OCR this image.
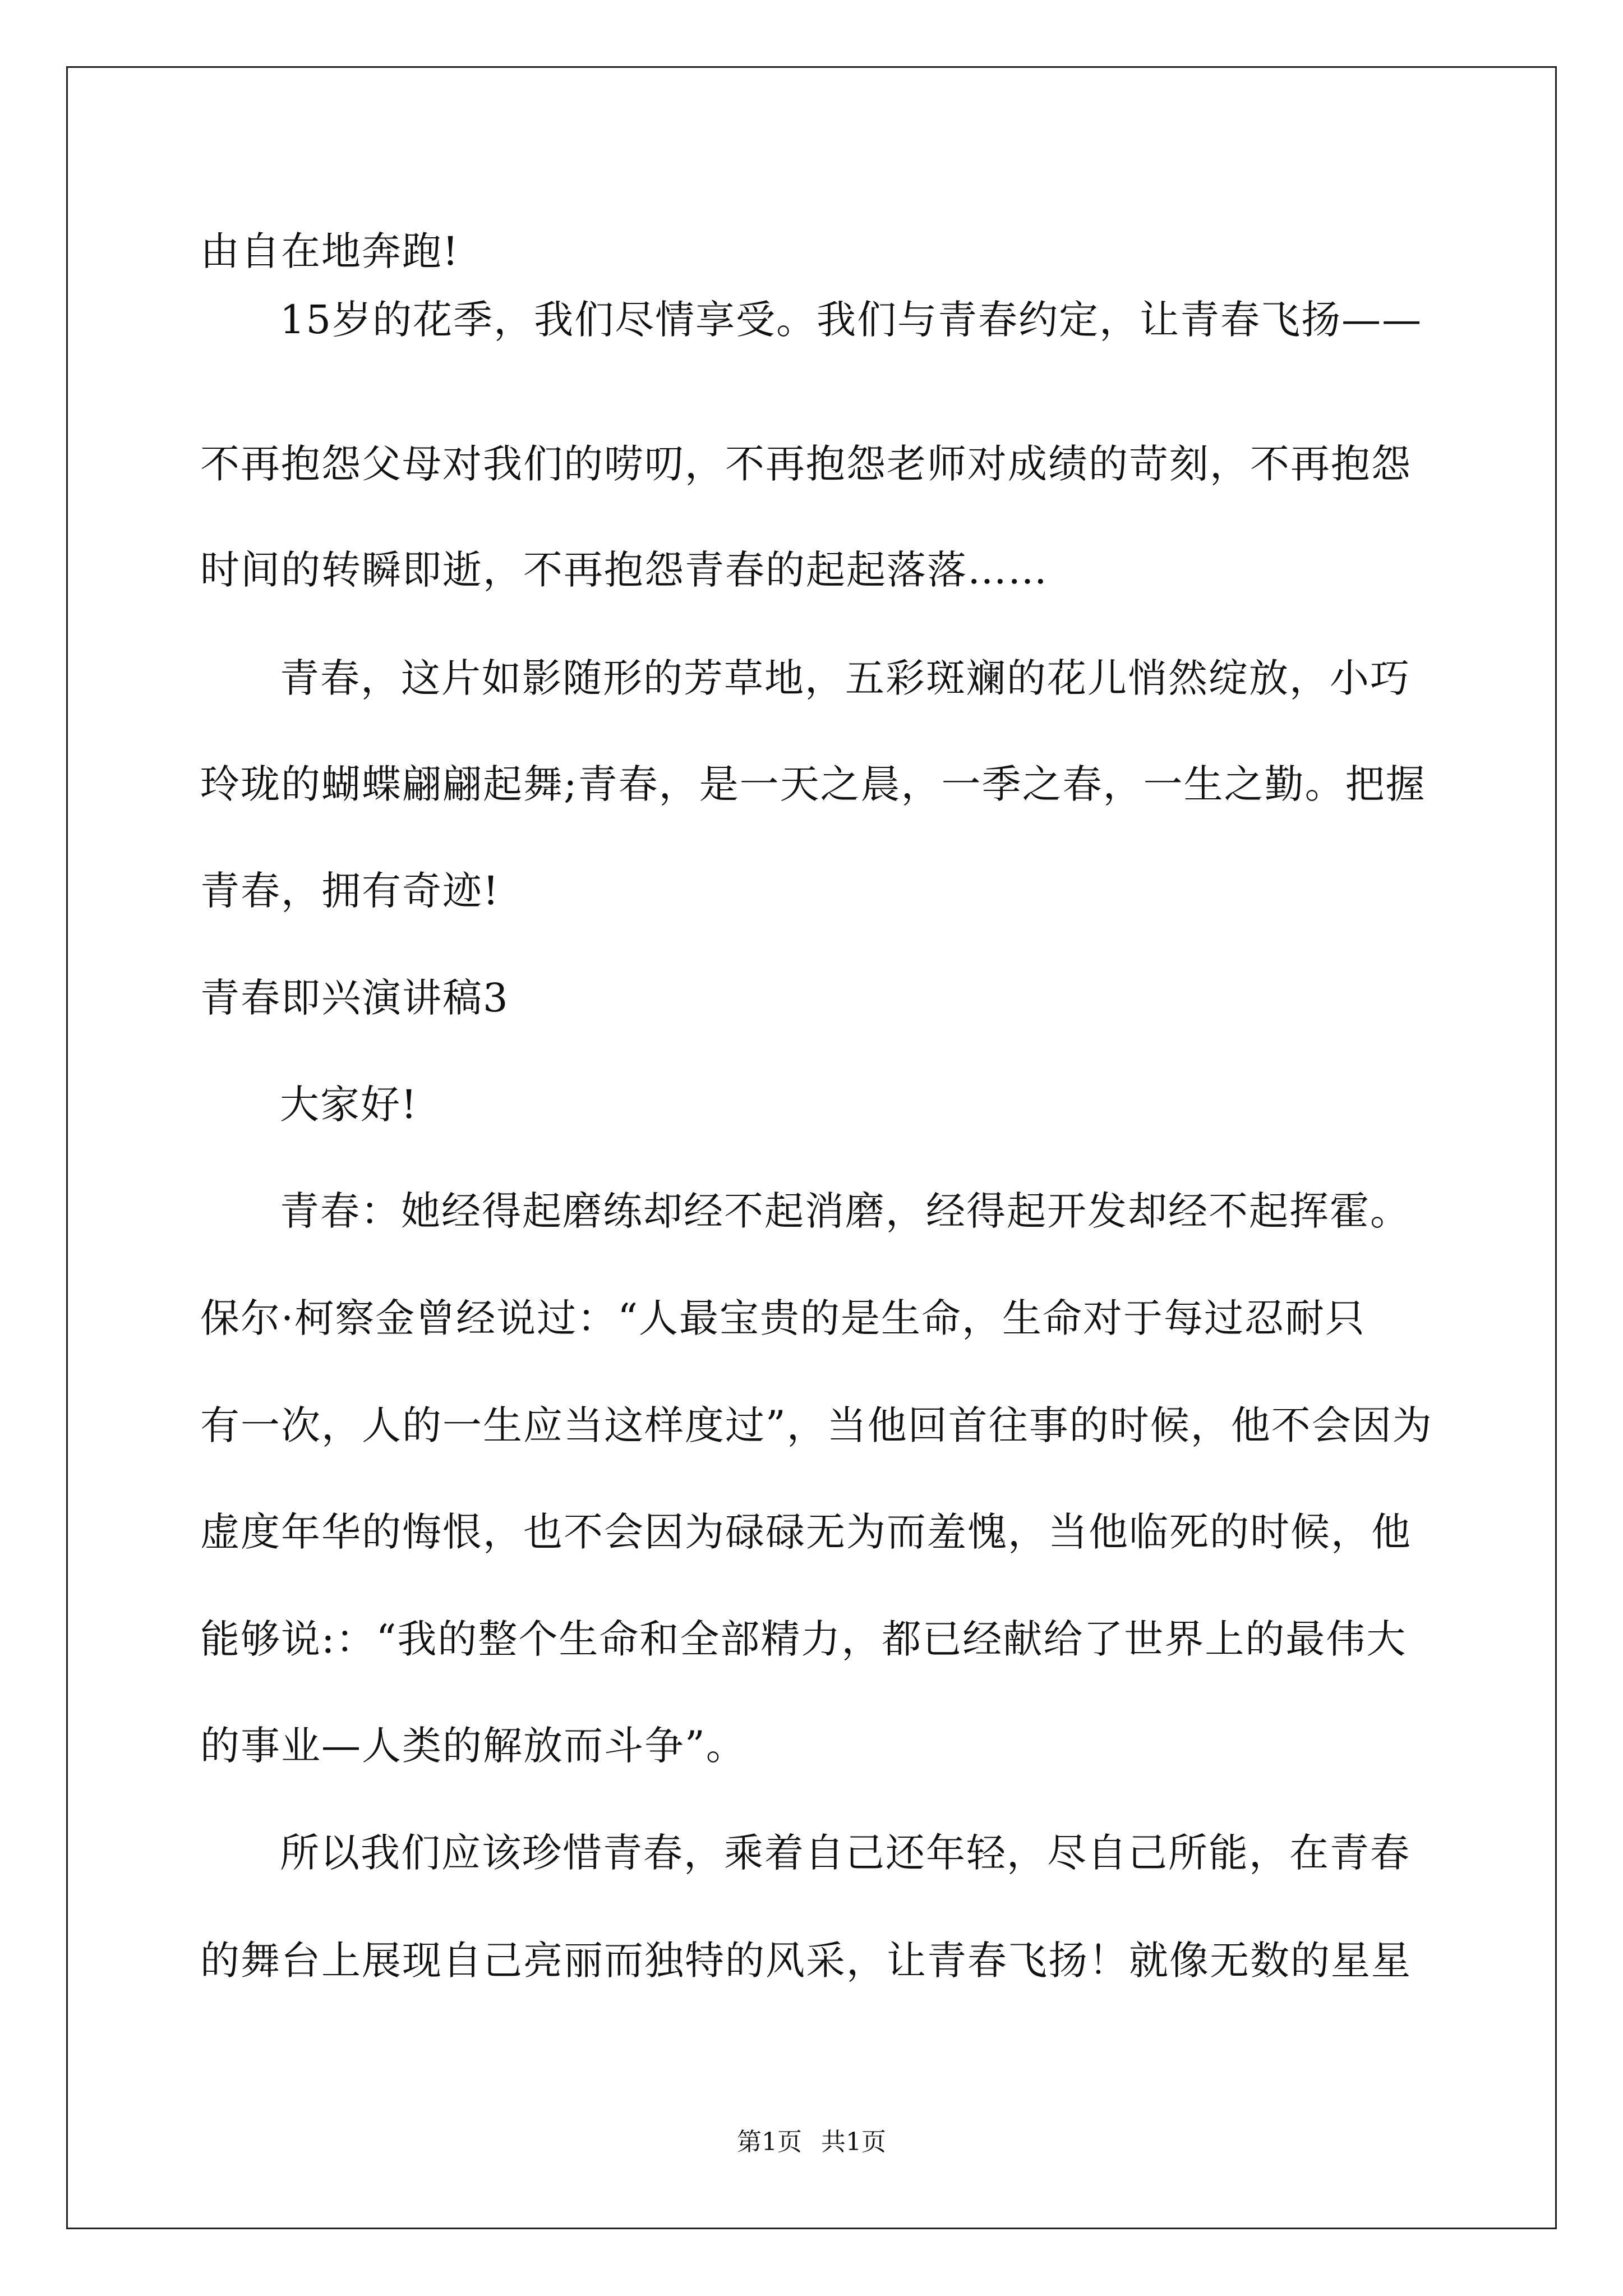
由自在地奔跑!
15岁的花季，我们尽情享受。我们与青春约定，让青春飞扬——
不再抱怨父母对我们的唠叨，不再抱怨老师对成绩的苛刻，不再抱怨
时间的转瞬即逝，不再抱怨青春的起起落落……
青春，这片如影随形的芳草地，五彩斑斓的花儿悄然绽放，小巧
玲珑的蝴蝶翩翩起舞;青春，是一天之晨，一季之春，一生之勤。把握
青春，拥有奇迹!
青春即兴演讲稿3
大家好!
青春：她经得起磨练却经不起消磨，经得起开发却经不起挥霍。
保尔·柯察金曾经说过：“人最宝贵的是生命，生命对于每过忍耐只
有一次，人的一生应当这样度过”，当他回首往事的时候，他不会因为
虚度年华的悔恨，也不会因为碌碌无为而羞愧，当他临死的时候，他
能够说:：“我的整个生命和全部精力，都已经献给了世界上的最伟大
的事业—人类的解放而斗争”。
所以我们应该珍惜青春，乘着自己还年轻，尽自己所能，在青春
的舞台上展现自己亮丽而独特的风采，让青春飞扬！就像无数的星星
第1页 共1页
